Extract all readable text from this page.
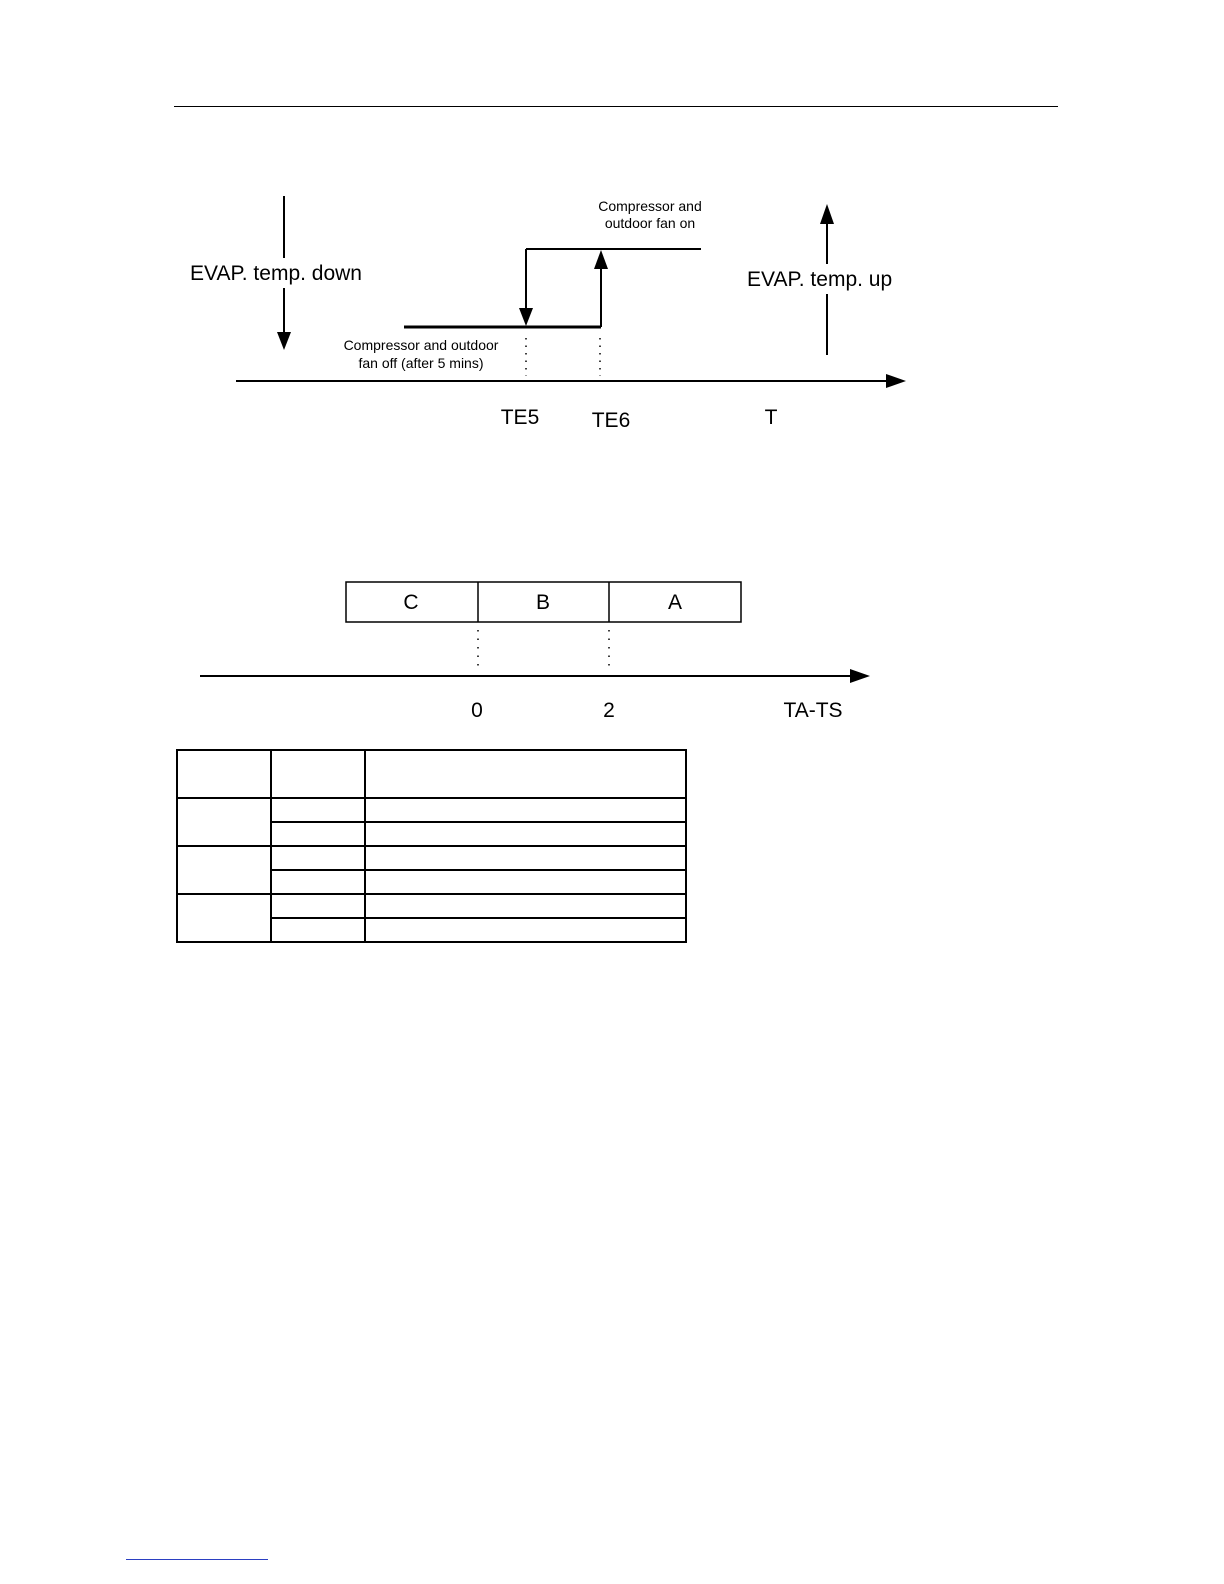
EVAP. temp. down	EVAP. temp. up
Compressor and
outdoor fan on
Compressor and outdoor
fan off (after 5 mins)
TE5 TE6	T
C	B	A
0	2	TA-TS
